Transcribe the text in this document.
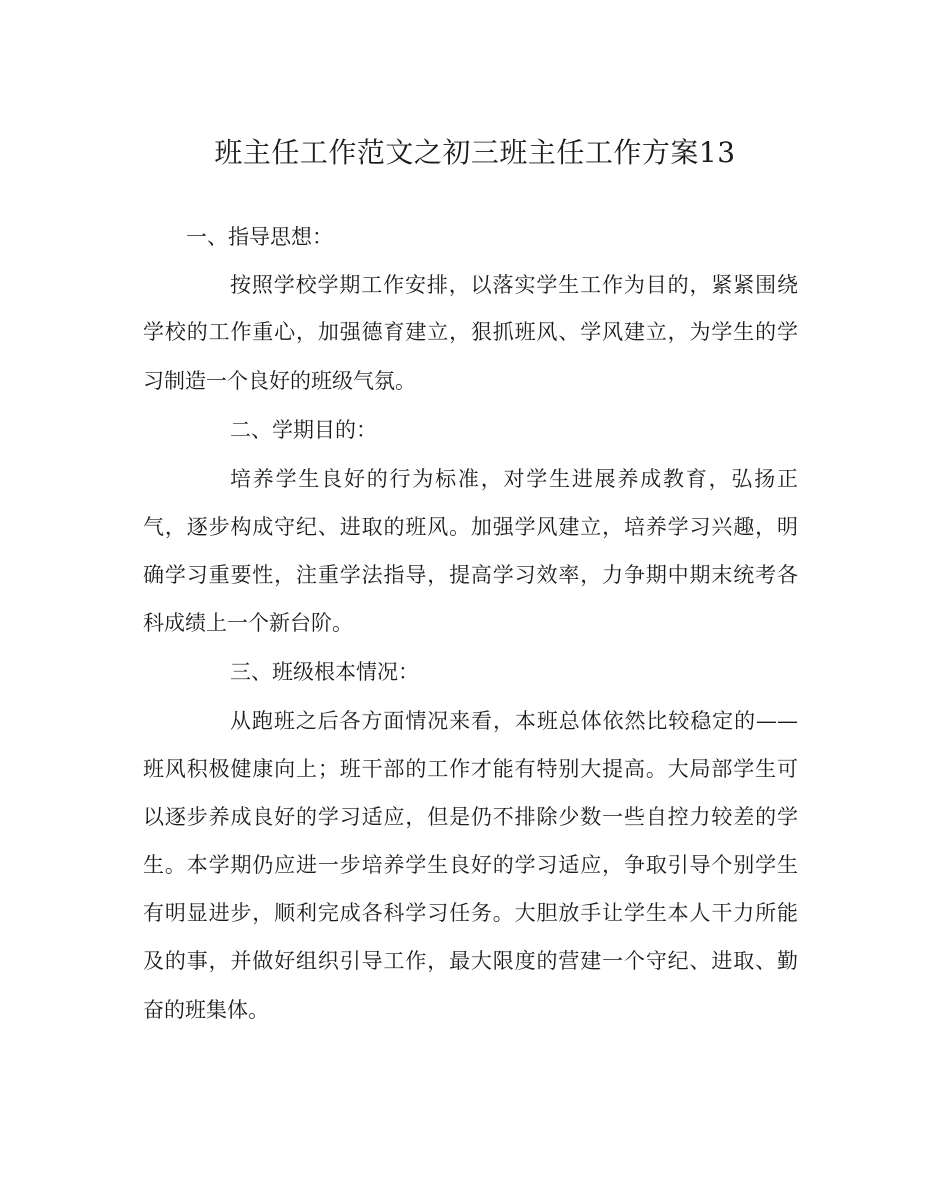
班主任工作范文之初三班主任工作方案13
一、指导思想：
按照学校学期工作安排，以落实学生工作为目的，紧紧围绕
学校的工作重心，加强德育建立，狠抓班风、学风建立，为学生的学
习制造一个良好的班级气氛。
二、学期目的：
培养学生良好的行为标准，对学生进展养成教育，弘扬正
气，逐步构成守纪、进取的班风。加强学风建立，培养学习兴趣，明
确学习重要性，注重学法指导，提高学习效率，力争期中期末统考各
科成绩上一个新台阶。
三、班级根本情况：
从跑班之后各方面情况来看，本班总体依然比较稳定的——
班风积极健康向上；班干部的工作才能有特别大提高。大局部学生可
以逐步养成良好的学习适应，但是仍不排除少数一些自控力较差的学
生。本学期仍应进一步培养学生良好的学习适应，争取引导个别学生
有明显进步，顺利完成各科学习任务。大胆放手让学生本人干力所能
及的事，并做好组织引导工作，最大限度的营建一个守纪、进取、勤
奋的班集体。
